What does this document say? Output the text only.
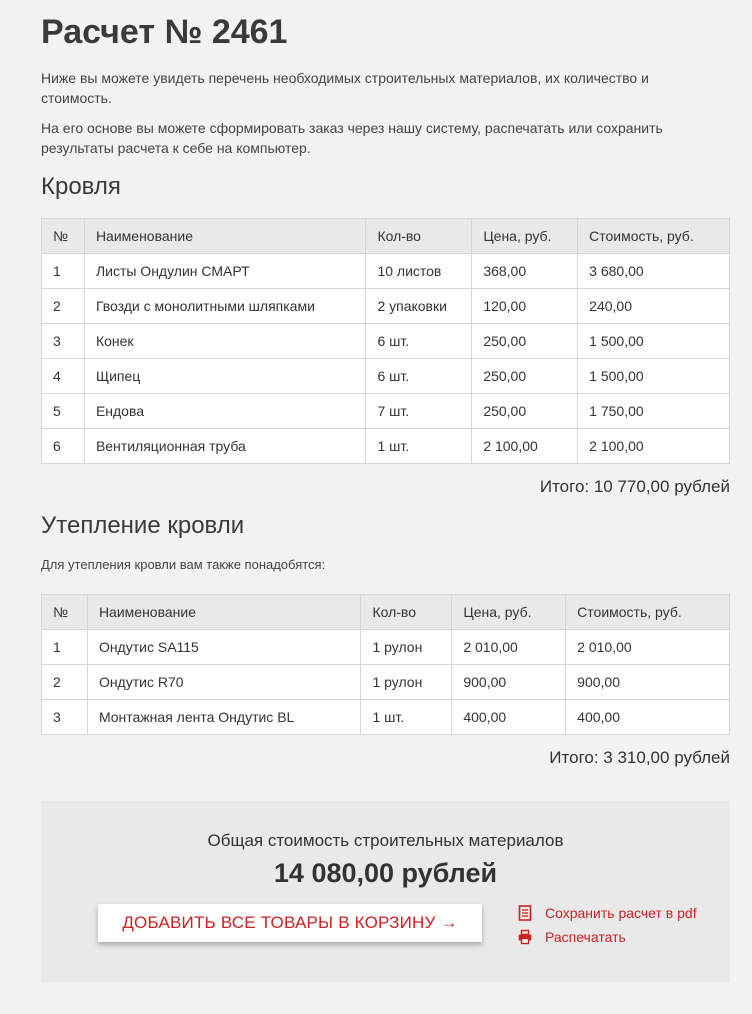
Расчет № 2461

Ниже вы можете увидеть перечень необходимых строительных материалов, их количество и стоимость.

На его основе вы можете сформировать заказ через нашу систему, распечатать или сохранить результаты расчета к себе на компьютер.

Кровля
№	Наименование	Кол-во	Цена, руб.	Стоимость, руб.
1	Листы Ондулин СМАРТ	10 листов	368,00	3 680,00
2	Гвозди с монолитными шляпками	2 упаковки	120,00	240,00
3	Конек	6 шт.	250,00	1 500,00
4	Щипец	6 шт.	250,00	1 500,00
5	Ендова	7 шт.	250,00	1 750,00
6	Вентиляционная труба	1 шт.	2 100,00	2 100,00

Итого: 10 770,00 рублей

Утепление кровли

Для утепления кровли вам также понадобятся:

№	Наименование	Кол-во	Цена, руб.	Стоимость, руб.
1	Ондутис SA115	1 рулон	2 010,00	2 010,00
2	Ондутис R70	1 рулон	900,00	900,00
3	Монтажная лента Ондутис BL	1 шт.	400,00	400,00

Итого: 3 310,00 рублей

Общая стоимость строительных материалов

14 080,00 рублей

ДОБАВИТЬ ВСЕ ТОВАРЫ В КОРЗИНУ →	Сохранить расчет в pdf
Распечатать
